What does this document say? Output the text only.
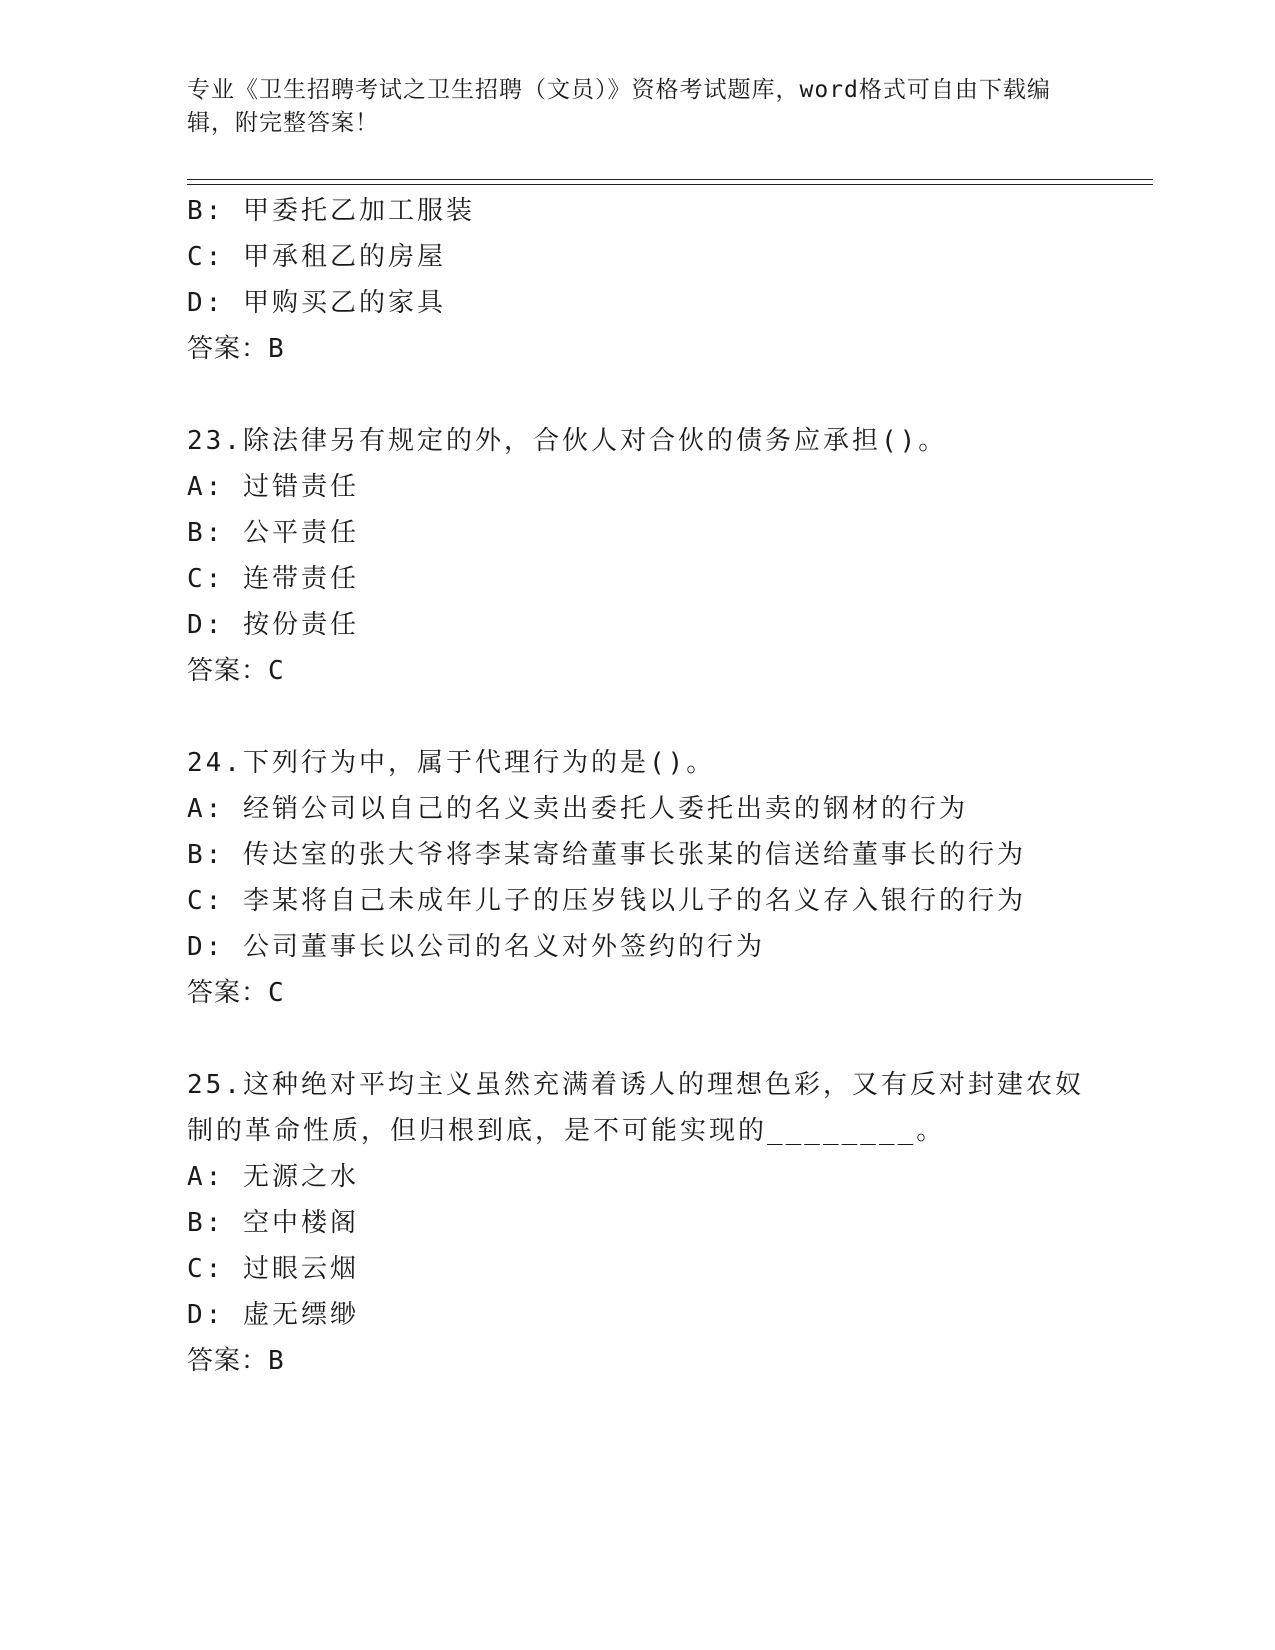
专业《卫生招聘考试之卫生招聘（文员）》资格考试题库，word格式可自由下载编辑，附完整答案！
B: 甲委托乙加工服装
C: 甲承租乙的房屋
D: 甲购买乙的家具
答案：B
23.除法律另有规定的外，合伙人对合伙的债务应承担()。
A: 过错责任
B: 公平责任
C: 连带责任
D: 按份责任
答案：C
24.下列行为中，属于代理行为的是()。
A: 经销公司以自己的名义卖出委托人委托出卖的钢材的行为
B: 传达室的张大爷将李某寄给董事长张某的信送给董事长的行为
C: 李某将自己未成年儿子的压岁钱以儿子的名义存入银行的行为
D: 公司董事长以公司的名义对外签约的行为
答案：C
25.这种绝对平均主义虽然充满着诱人的理想色彩，又有反对封建农奴制的革命性质，但归根到底，是不可能实现的________。
A: 无源之水
B: 空中楼阁
C: 过眼云烟
D: 虚无缥缈
答案：B
